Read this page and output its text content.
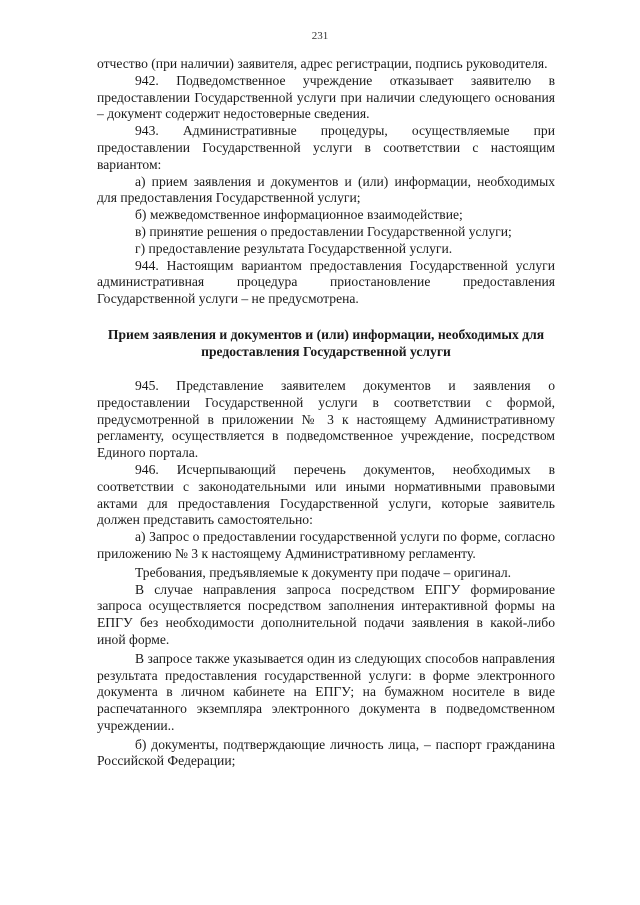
231

отчество (при наличии) заявителя, адрес регистрации, подпись руководителя.

942. Подведомственное учреждение отказывает заявителю в предоставлении Государственной услуги при наличии следующего основания – документ содержит недостоверные сведения.

943. Административные процедуры, осуществляемые при предоставлении Государственной услуги в соответствии с настоящим вариантом:

а) прием заявления и документов и (или) информации, необходимых для предоставления Государственной услуги;

б) межведомственное информационное взаимодействие;

в) принятие решения о предоставлении Государственной услуги;

г) предоставление результата Государственной услуги.

944. Настоящим вариантом предоставления Государственной услуги административная процедура приостановление предоставления Государственной услуги – не предусмотрена.

Прием заявления и документов и (или) информации, необходимых для предоставления Государственной услуги

945. Представление заявителем документов и заявления о предоставлении Государственной услуги в соответствии с формой, предусмотренной в приложении № 3 к настоящему Административному регламенту, осуществляется в подведомственное учреждение, посредством Единого портала.

946. Исчерпывающий перечень документов, необходимых в соответствии с законодательными или иными нормативными правовыми актами для предоставления Государственной услуги, которые заявитель должен представить самостоятельно:

а) Запрос о предоставлении государственной услуги по форме, согласно приложению № 3 к настоящему Административному регламенту.

Требования, предъявляемые к документу при подаче – оригинал.

В случае направления запроса посредством ЕПГУ формирование запроса осуществляется посредством заполнения интерактивной формы на ЕПГУ без необходимости дополнительной подачи заявления в какой-либо иной форме.

В запросе также указывается один из следующих способов направления результата предоставления государственной услуги: в форме электронного документа в личном кабинете на ЕПГУ; на бумажном носителе в виде распечатанного экземпляра электронного документа в подведомственном учреждении..

б) документы, подтверждающие личность лица, – паспорт гражданина Российской Федерации;
